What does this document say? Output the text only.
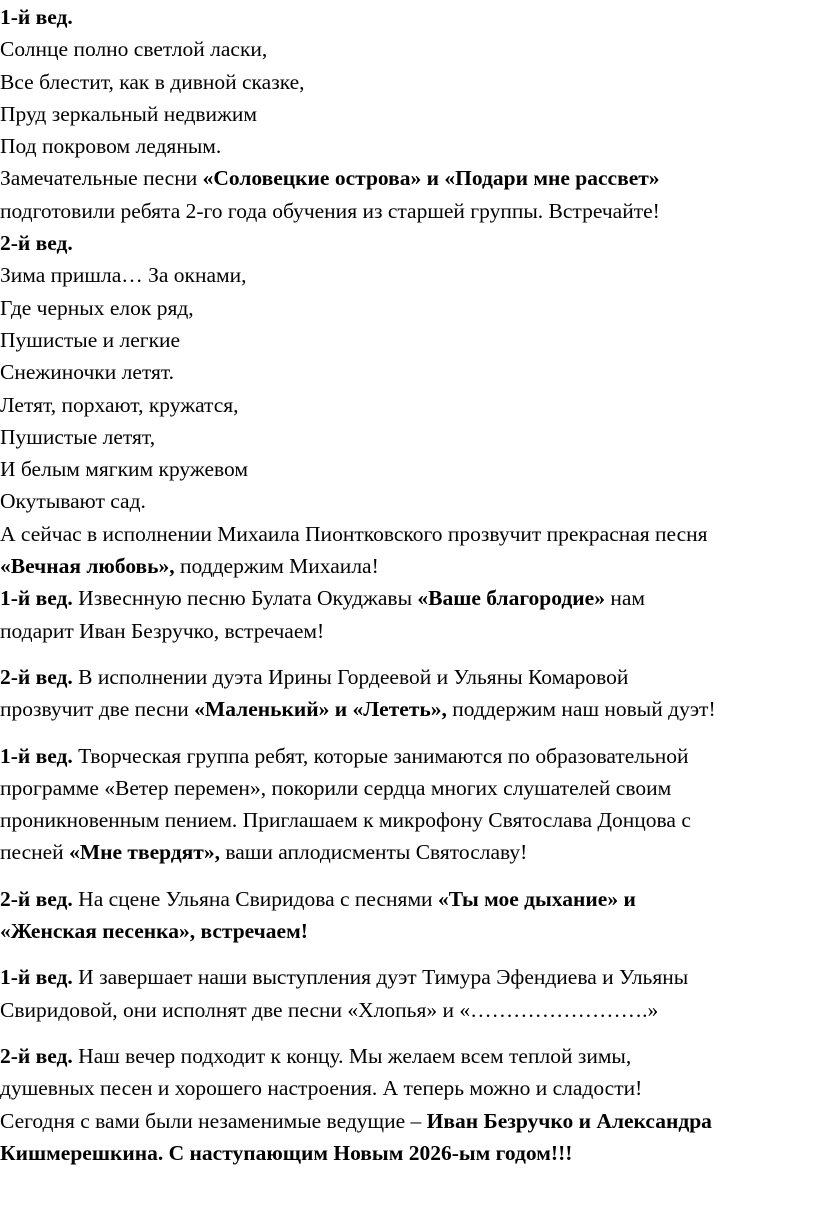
1-й вед.

Солнце полно светлой ласки,

Все блестит, как в дивной сказке,

Пруд зеркальный недвижим

Под покровом ледяным.

Замечательные песни «Соловецкие острова» и «Подари мне рассвет»

подготовили ребята 2-го года обучения из старшей группы. Встречайте!

2-й вед.

Зима пришла… За окнами,

Где черных елок ряд,

Пушистые и легкие

Снежиночки летят.

Летят, порхают, кружатся,

Пушистые летят,

И белым мягким кружевом

Окутывают сад.

А сейчас в исполнении Михаила Пионтковского прозвучит прекрасная песня

«Вечная любовь», поддержим Михаила!

1-й вед. Извеснную песню Булата Окуджавы «Ваше благородие» нам

подарит Иван Безручко, встречаем!

2-й вед. В исполнении дуэта Ирины Гордеевой и Ульяны Комаровой

прозвучит две песни «Маленький» и «Лететь», поддержим наш новый дуэт!

1-й вед. Творческая группа ребят, которые занимаются по образовательной

программе «Ветер перемен», покорили сердца многих слушателей своим

проникновенным пением. Приглашаем к микрофону Святослава Донцова с

песней «Мне твердят», ваши аплодисменты Святославу!

2-й вед. На сцене Ульяна Свиридова с песнями «Ты мое дыхание» и

«Женская песенка», встречаем!

1-й вед. И завершает наши выступления дуэт Тимура Эфендиева и Ульяны

Свиридовой, они исполнят две песни «Хлопья» и «…………………….»

2-й вед. Наш вечер подходит к концу. Мы желаем всем теплой зимы,

душевных песен и хорошего настроения. А теперь можно и сладости!

Сегодня с вами были незаменимые ведущие – Иван Безручко и Александра

Кишмерешкина. С наступающим Новым 2026-ым годом!!!
